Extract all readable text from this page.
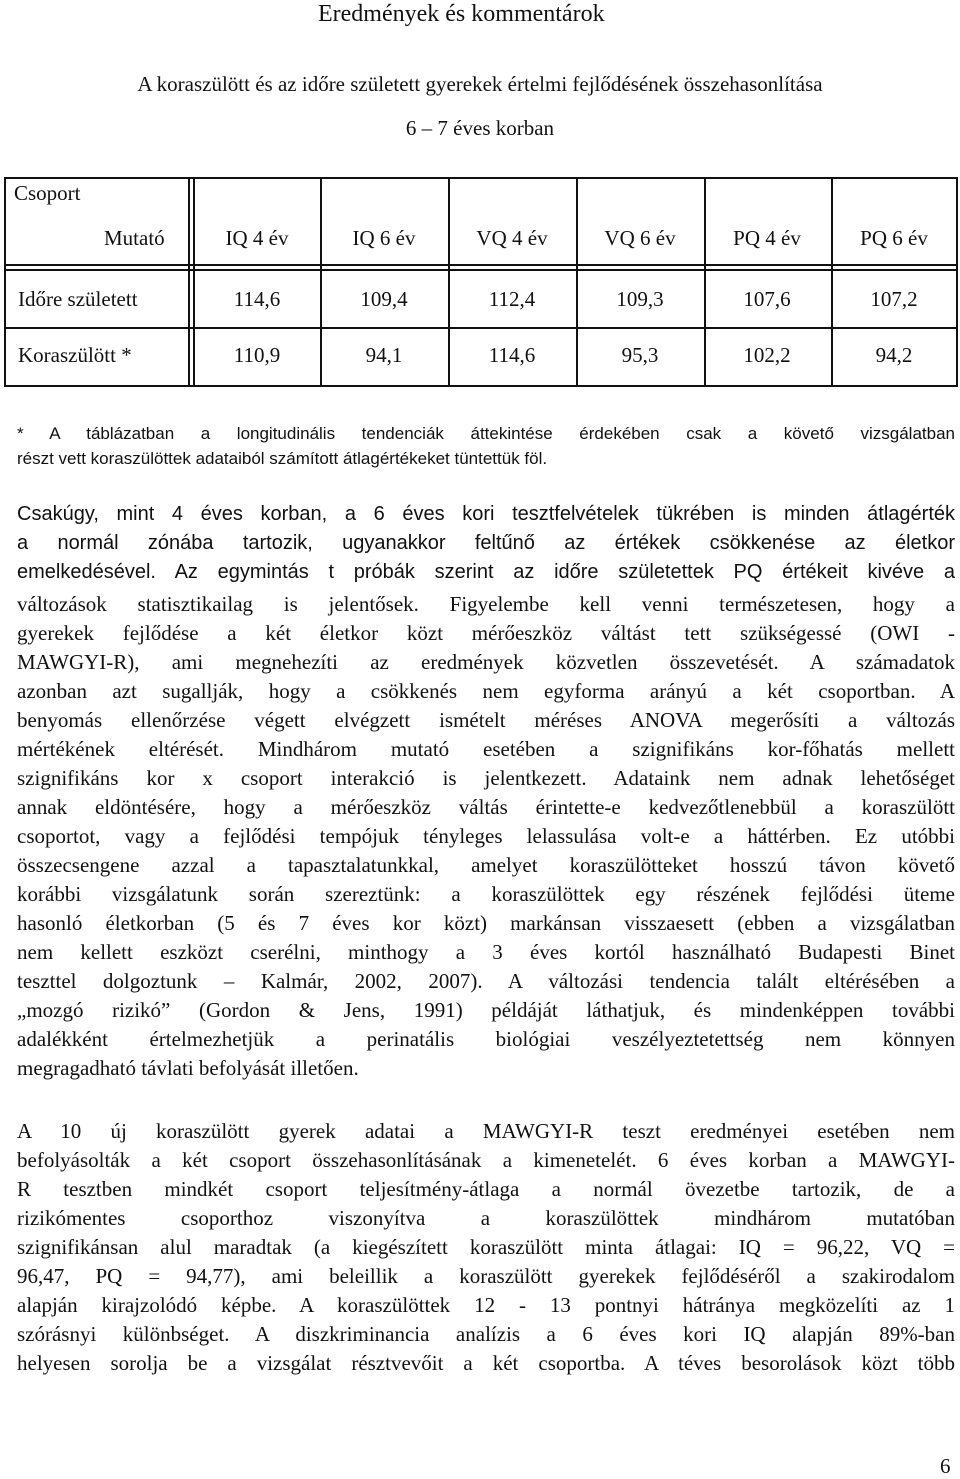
Eredmények és kommentárok
A koraszülött és az időre született gyerekek értelmi fejlődésének összehasonlítása
6 – 7 éves korban
Csoport
Mutató	IQ 4 év	IQ 6 év	VQ 4 év	VQ 6 év	PQ 4 év	PQ 6 év
Időre született	114,6	109,4	112,4	109,3	107,6	107,2
Koraszülött *	110,9	94,1	114,6	95,3	102,2	94,2
* A táblázatban a longitudinális tendenciák áttekintése érdekében csak a követő vizsgálatban
részt vett koraszülöttek adataiból számított átlagértékeket tüntettük föl.
Csakúgy, mint 4 éves korban, a 6 éves kori tesztfelvételek tükrében is minden átlagérték
a normál zónába tartozik, ugyanakkor feltűnő az értékek csökkenése az életkor
emelkedésével. Az egymintás t próbák szerint az időre születettek PQ értékeit kivéve a
változások statisztikailag is jelentősek. Figyelembe kell venni természetesen, hogy a
gyerekek fejlődése a két életkor közt mérőeszköz váltást tett szükségessé (OWI -
MAWGYI-R), ami megnehezíti az eredmények közvetlen összevetését. A számadatok
azonban azt sugallják, hogy a csökkenés nem egyforma arányú a két csoportban. A
benyomás ellenőrzése végett elvégzett ismételt méréses ANOVA megerősíti a változás
mértékének eltérését. Mindhárom mutató esetében a szignifikáns kor-főhatás mellett
szignifikáns kor x csoport interakció is jelentkezett. Adataink nem adnak lehetőséget
annak eldöntésére, hogy a mérőeszköz váltás érintette-e kedvezőtlenebbül a koraszülött
csoportot, vagy a fejlődési tempójuk tényleges lelassulása volt-e a háttérben. Ez utóbbi
összecsengene azzal a tapasztalatunkkal, amelyet koraszülötteket hosszú távon követő
korábbi vizsgálatunk során szereztünk: a koraszülöttek egy részének fejlődési üteme
hasonló életkorban (5 és 7 éves kor közt) markánsan visszaesett (ebben a vizsgálatban
nem kellett eszközt cserélni, minthogy a 3 éves kortól használható Budapesti Binet
teszttel dolgoztunk – Kalmár, 2002, 2007). A változási tendencia talált eltérésében a
„mozgó rizikó” (Gordon & Jens, 1991) példáját láthatjuk, és mindenképpen további
adalékként értelmezhetjük a perinatális biológiai veszélyeztetettség nem könnyen
megragadható távlati befolyását illetően.
A 10 új koraszülött gyerek adatai a MAWGYI-R teszt eredményei esetében nem
befolyásolták a két csoport összehasonlításának a kimenetelét. 6 éves korban a MAWGYI-
R tesztben mindkét csoport teljesítmény-átlaga a normál övezetbe tartozik, de a
rizikómentes csoporthoz viszonyítva a koraszülöttek mindhárom mutatóban
szignifikánsan alul maradtak (a kiegészített koraszülött minta átlagai: IQ = 96,22, VQ =
96,47, PQ = 94,77), ami beleillik a koraszülött gyerekek fejlődéséről a szakirodalom
alapján kirajzolódó képbe. A koraszülöttek 12 - 13 pontnyi hátránya megközelíti az 1
szórásnyi különbséget. A diszkriminancia analízis a 6 éves kori IQ alapján 89%-ban
helyesen sorolja be a vizsgálat résztvevőit a két csoportba. A téves besorolások közt több
6
